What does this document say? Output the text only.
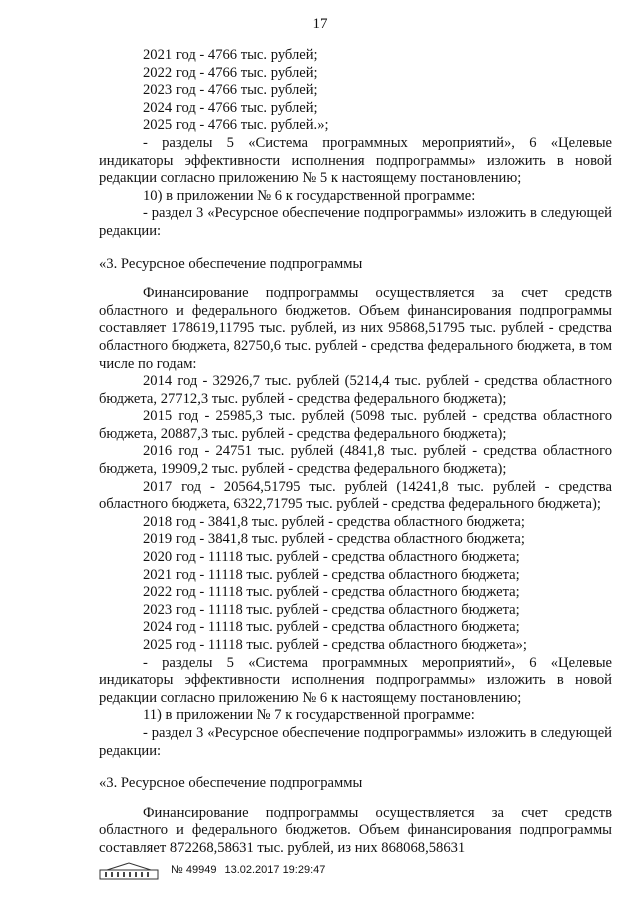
17

2021 год - 4766 тыс. рублей;

2022 год - 4766 тыс. рублей;

2023 год - 4766 тыс. рублей;

2024 год - 4766 тыс. рублей;

2025 год - 4766 тыс. рублей.»;

- разделы 5 «Система программных мероприятий», 6 «Целевые индикаторы эффективности исполнения подпрограммы» изложить в новой редакции согласно приложению № 5 к настоящему постановлению;

10) в приложении № 6 к государственной программе:

- раздел 3 «Ресурсное обеспечение подпрограммы» изложить в следующей редакции:

«3. Ресурсное обеспечение подпрограммы

Финансирование подпрограммы осуществляется за счет средств областного и федерального бюджетов. Объем финансирования подпрограммы составляет 178619,11795 тыс. рублей, из них 95868,51795 тыс. рублей - средства областного бюджета, 82750,6 тыс. рублей - средства федерального бюджета, в том числе по годам:

2014 год - 32926,7 тыс. рублей (5214,4 тыс. рублей - средства областного бюджета, 27712,3 тыс. рублей - средства федерального бюджета);

2015 год - 25985,3 тыс. рублей (5098 тыс. рублей - средства областного бюджета, 20887,3 тыс. рублей - средства федерального бюджета);

2016 год - 24751 тыс. рублей (4841,8 тыс. рублей - средства областного бюджета, 19909,2 тыс. рублей - средства федерального бюджета);

2017 год - 20564,51795 тыс. рублей (14241,8 тыс. рублей - средства областного бюджета, 6322,71795 тыс. рублей - средства федерального бюджета);

2018 год - 3841,8 тыс. рублей - средства областного бюджета;

2019 год - 3841,8 тыс. рублей - средства областного бюджета;

2020 год - 11118 тыс. рублей - средства областного бюджета;

2021 год - 11118 тыс. рублей - средства областного бюджета;

2022 год - 11118 тыс. рублей - средства областного бюджета;

2023 год - 11118 тыс. рублей - средства областного бюджета;

2024 год - 11118 тыс. рублей - средства областного бюджета;

2025 год - 11118 тыс. рублей - средства областного бюджета»;

- разделы 5 «Система программных мероприятий», 6 «Целевые индикаторы эффективности исполнения подпрограммы» изложить в новой редакции согласно приложению № 6 к настоящему постановлению;

11) в приложении № 7 к государственной программе:

- раздел 3 «Ресурсное обеспечение подпрограммы» изложить в следующей редакции:

«3. Ресурсное обеспечение подпрограммы

Финансирование подпрограммы осуществляется за счет средств областного и федерального бюджетов. Объем финансирования подпрограммы составляет 872268,58631 тыс. рублей, из них 868068,58631

№ 49949 13.02.2017 19:29:47
